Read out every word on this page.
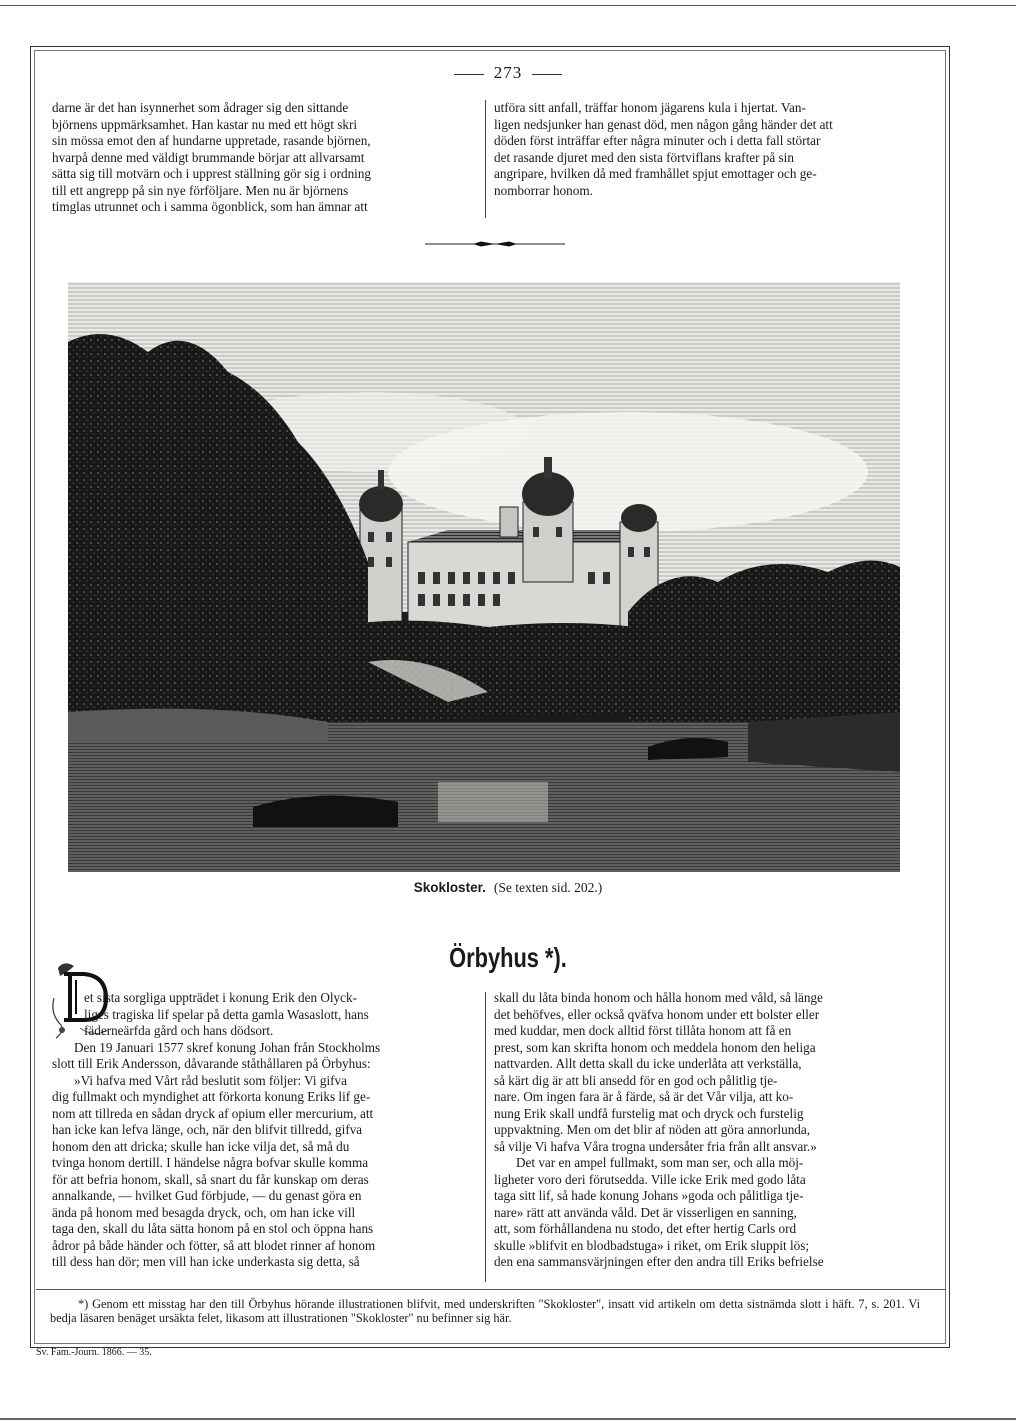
273

darne är det han isynnerhet som ådrager sig den sittande

björnens uppmärksamhet. Han kastar nu med ett högt skri

sin mössa emot den af hundarne uppretade, rasande björnen,

hvarpå denne med väldigt brummande börjar att allvarsamt

sätta sig till motvärn och i upprest ställning gör sig i ordning

till ett angrepp på sin nye förföljare. Men nu är björnens

timglas utrunnet och i samma ögonblick, som han ämnar att

utföra sitt anfall, träffar honom jägarens kula i hjertat. Van-

ligen nedsjunker han genast död, men någon gång händer det att

döden först inträffar efter några minuter och i detta fall störtar

det rasande djuret med den sista förtviflans krafter på sin

angripare, hvilken då med framhållet spjut emottager och ge-

nomborrar honom.

Skokloster. (Se texten sid. 202.)
Örbyhus *).

et sista sorgliga uppträdet i konung Erik den Olyck-

liges tragiska lif spelar på detta gamla Wasaslott, hans

fäderneärfda gård och hans dödsort.

Den 19 Januari 1577 skref konung Johan från Stockholms

slott till Erik Andersson, dåvarande ståthållaren på Örbyhus:

»Vi hafva med Vårt råd beslutit som följer: Vi gifva

dig fullmakt och myndighet att förkorta konung Eriks lif ge-

nom att tillreda en sådan dryck af opium eller mercurium, att

han icke kan lefva länge, och, när den blifvit tillredd, gifva

honom den att dricka; skulle han icke vilja det, så må du

tvinga honom dertill. I händelse några bofvar skulle komma

för att befria honom, skall, så snart du får kunskap om deras

annalkande, — hvilket Gud förbjude, — du genast göra en

ända på honom med besagda dryck, och, om han icke vill

taga den, skall du låta sätta honom på en stol och öppna hans

ådror på både händer och fötter, så att blodet rinner af honom

till dess han dör; men vill han icke underkasta sig detta, så

skall du låta binda honom och hålla honom med våld, så länge

det behöfves, eller också qväfva honom under ett bolster eller

med kuddar, men dock alltid först tillåta honom att få en

prest, som kan skrifta honom och meddela honom den heliga

nattvarden. Allt detta skall du icke underlåta att verkställa,

så kärt dig är att bli ansedd för en god och pålitlig tje-

nare. Om ingen fara är å färde, så är det Vår vilja, att ko-

nung Erik skall undfå furstelig mat och dryck och furstelig

uppvaktning. Men om det blir af nöden att göra annorlunda,

så vilje Vi hafva Våra trogna undersåter fria från allt ansvar.»

Det var en ampel fullmakt, som man ser, och alla möj-

ligheter voro deri förutsedda. Ville icke Erik med godo låta

taga sitt lif, så hade konung Johans »goda och pålitliga tje-

nare» rätt att använda våld. Det är visserligen en sanning,

att, som förhållandena nu stodo, det efter hertig Carls ord

skulle »blifvit en blodbadstuga» i riket, om Erik sluppit lös;

den ena sammansvärjningen efter den andra till Eriks befrielse

*) Genom ett misstag har den till Örbyhus hörande illustrationen blifvit, med underskriften "Skokloster", insatt vid artikeln om detta sistnämda slott i häft. 7, s. 201. Vi bedja läsaren benäget ursäkta felet, likasom att illustrationen "Skokloster" nu befinner sig här.
Sv. Fam.-Journ. 1866. — 35.
